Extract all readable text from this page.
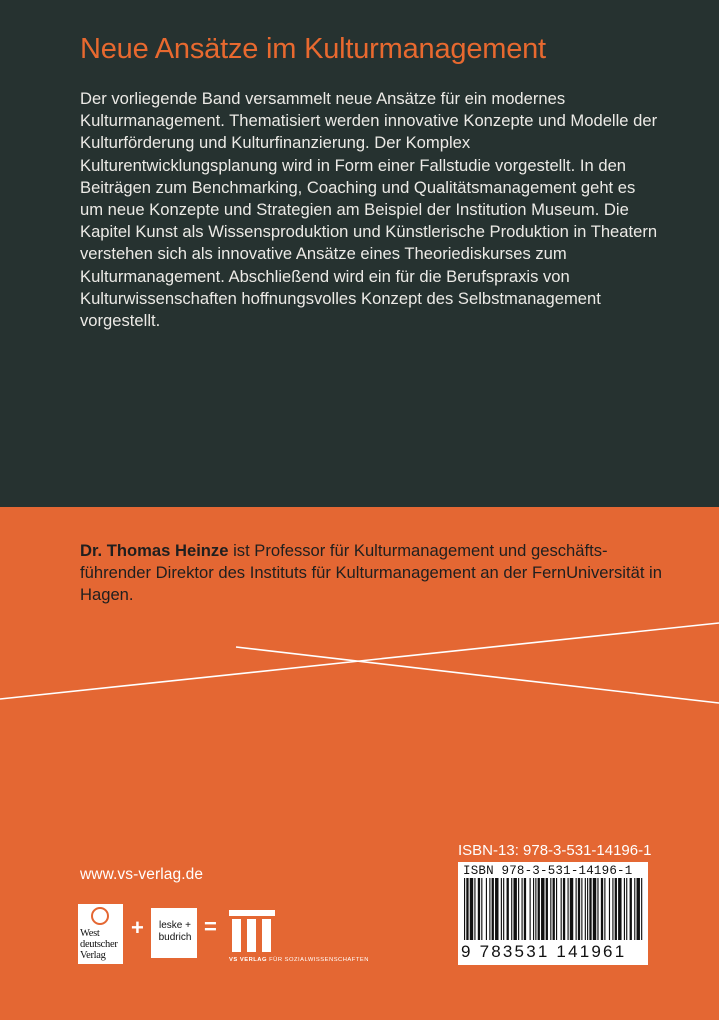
Neue Ansätze im Kulturmanagement

Der vorliegende Band versammelt neue Ansätze für ein modernes Kulturmanagement. Thematisiert werden innovative Konzepte und Modelle der Kulturförderung und Kulturfinanzierung. Der Komplex Kulturentwicklungsplanung wird in Form einer Fallstudie vorgestellt. In den Beiträgen zum Benchmarking, Coaching und Qualitätsmanagement geht es um neue Konzepte und Strategien am Beispiel der Institution Museum. Die Kapitel Kunst als Wissensproduktion und Künstlerische Produktion in Theatern verstehen sich als innovative Ansätze eines Theoriediskurses zum Kulturmanagement. Abschließend wird ein für die Berufspraxis von Kulturwissenschaften hoffnungsvolles Konzept des Selbstmanagement vorgestellt.

Dr. Thomas Heinze ist Professor für Kulturmanagement und geschäftsführender Direktor des Instituts für Kulturmanagement an der FernUniversität in Hagen.

www.vs-verlag.de
ISBN-13: 978-3-531-14196-1
ISBN 978-3-531-14196-1
9 783531 141961
West
deutscher
Verlag
+	leske +
budrich =
VS VERLAG FÜR SOZIALWISSENSCHAFTEN
